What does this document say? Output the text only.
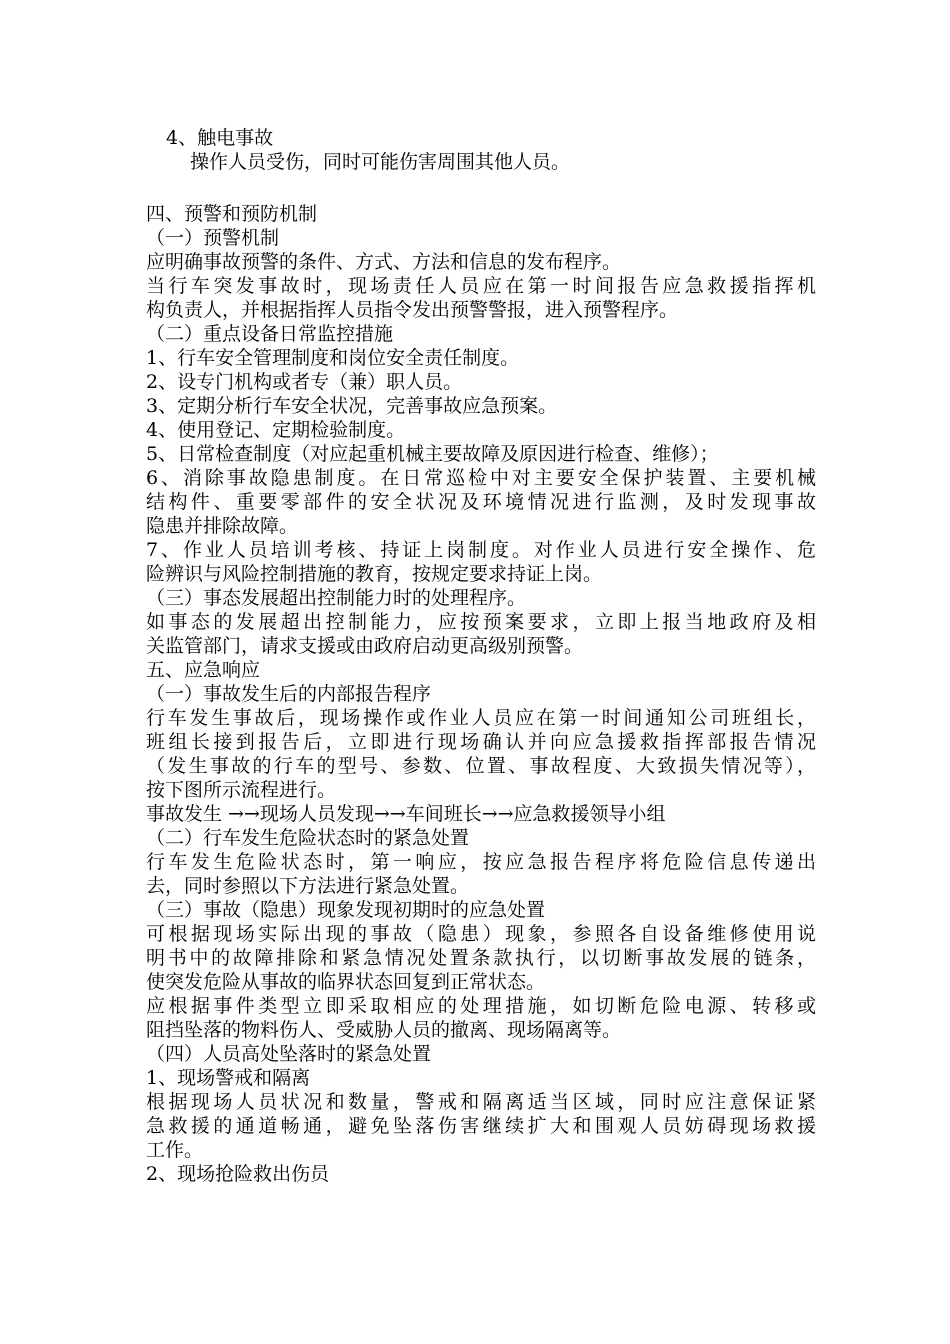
4、触电事故
操作人员受伤，同时可能伤害周围其他人员。
四、预警和预防机制
（一）预警机制
应明确事故预警的条件、方式、方法和信息的发布程序。
当行车突发事故时，现场责任人员应在第一时间报告应急救援指挥机
构负责人，并根据指挥人员指令发出预警警报，进入预警程序。
（二）重点设备日常监控措施
1、行车安全管理制度和岗位安全责任制度。
2、设专门机构或者专（兼）职人员。
3、定期分析行车安全状况，完善事故应急预案。
4、使用登记、定期检验制度。
5、日常检查制度（对应起重机械主要故障及原因进行检查、维修）；
6、消除事故隐患制度。在日常巡检中对主要安全保护装置、主要机械
结构件、重要零部件的安全状况及环境情况进行监测，及时发现事故
隐患并排除故障。
7、作业人员培训考核、持证上岗制度。对作业人员进行安全操作、危
险辨识与风险控制措施的教育，按规定要求持证上岗。
（三）事态发展超出控制能力时的处理程序。
如事态的发展超出控制能力，应按预案要求，立即上报当地政府及相
关监管部门，请求支援或由政府启动更高级别预警。
五、应急响应
（一）事故发生后的内部报告程序
行车发生事故后，现场操作或作业人员应在第一时间通知公司班组长，
班组长接到报告后，立即进行现场确认并向应急援救指挥部报告情况
（发生事故的行车的型号、参数、位置、事故程度、大致损失情况等），
按下图所示流程进行。
事故发生 →→现场人员发现→→车间班长→→应急救援领导小组
（二）行车发生危险状态时的紧急处置
行车发生危险状态时，第一响应，按应急报告程序将危险信息传递出
去，同时参照以下方法进行紧急处置。
（三）事故（隐患）现象发现初期时的应急处置
可根据现场实际出现的事故（隐患）现象，参照各自设备维修使用说
明书中的故障排除和紧急情况处置条款执行，以切断事故发展的链条，
使突发危险从事故的临界状态回复到正常状态。
应根据事件类型立即采取相应的处理措施，如切断危险电源、转移或
阻挡坠落的物料伤人、受威胁人员的撤离、现场隔离等。
（四）人员高处坠落时的紧急处置
1、现场警戒和隔离
根据现场人员状况和数量，警戒和隔离适当区域，同时应注意保证紧
急救援的通道畅通，避免坠落伤害继续扩大和围观人员妨碍现场救援
工作。
2、现场抢险救出伤员
